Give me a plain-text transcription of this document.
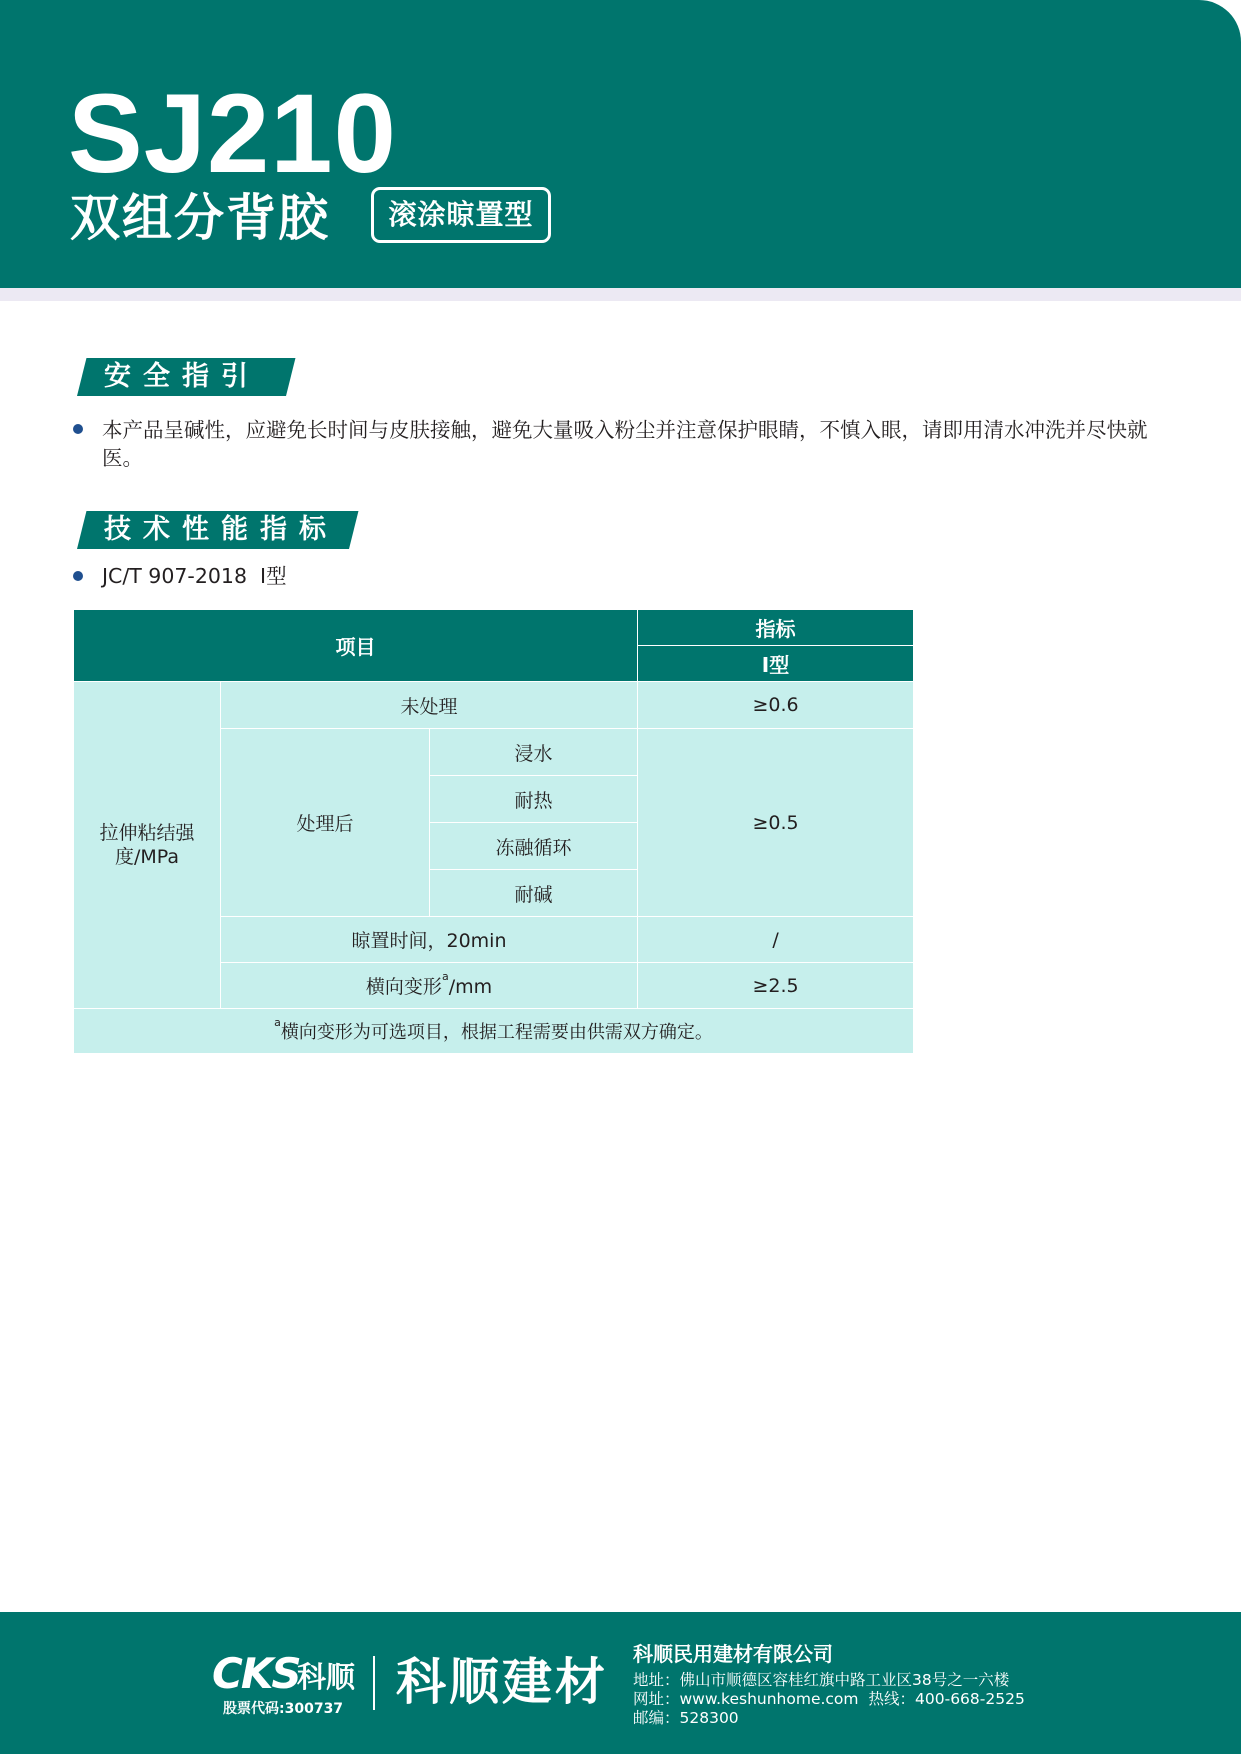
SJ210
双组分背胶	滚涂晾置型
安全指引
本产品呈碱性，应避免长时间与皮肤接触，避免大量吸入粉尘并注意保护眼睛，不慎入眼，请即用清水冲洗并尽快就医。
技术性能指标
JC/T 907-2018  I型
项目			指标
			I型
拉伸粘结强度/MPa	未处理		≥0.6
	处理后	浸水	≥0.5
		耐热	
		冻融循环	
		耐碱	
	晾置时间，20min		/
	横向变形$^a$/mm		≥2.5
$^a$横向变形为可选项目，根据工程需要由供需双方确定。			
CKS
科顺
股票代码:300737 科顺建材 科顺民用建材有限公司
地址：佛山市顺德区容桂红旗中路工业区38号之一六楼
网址：www.keshunhome.com 热线：400-668-2525
邮编：528300
